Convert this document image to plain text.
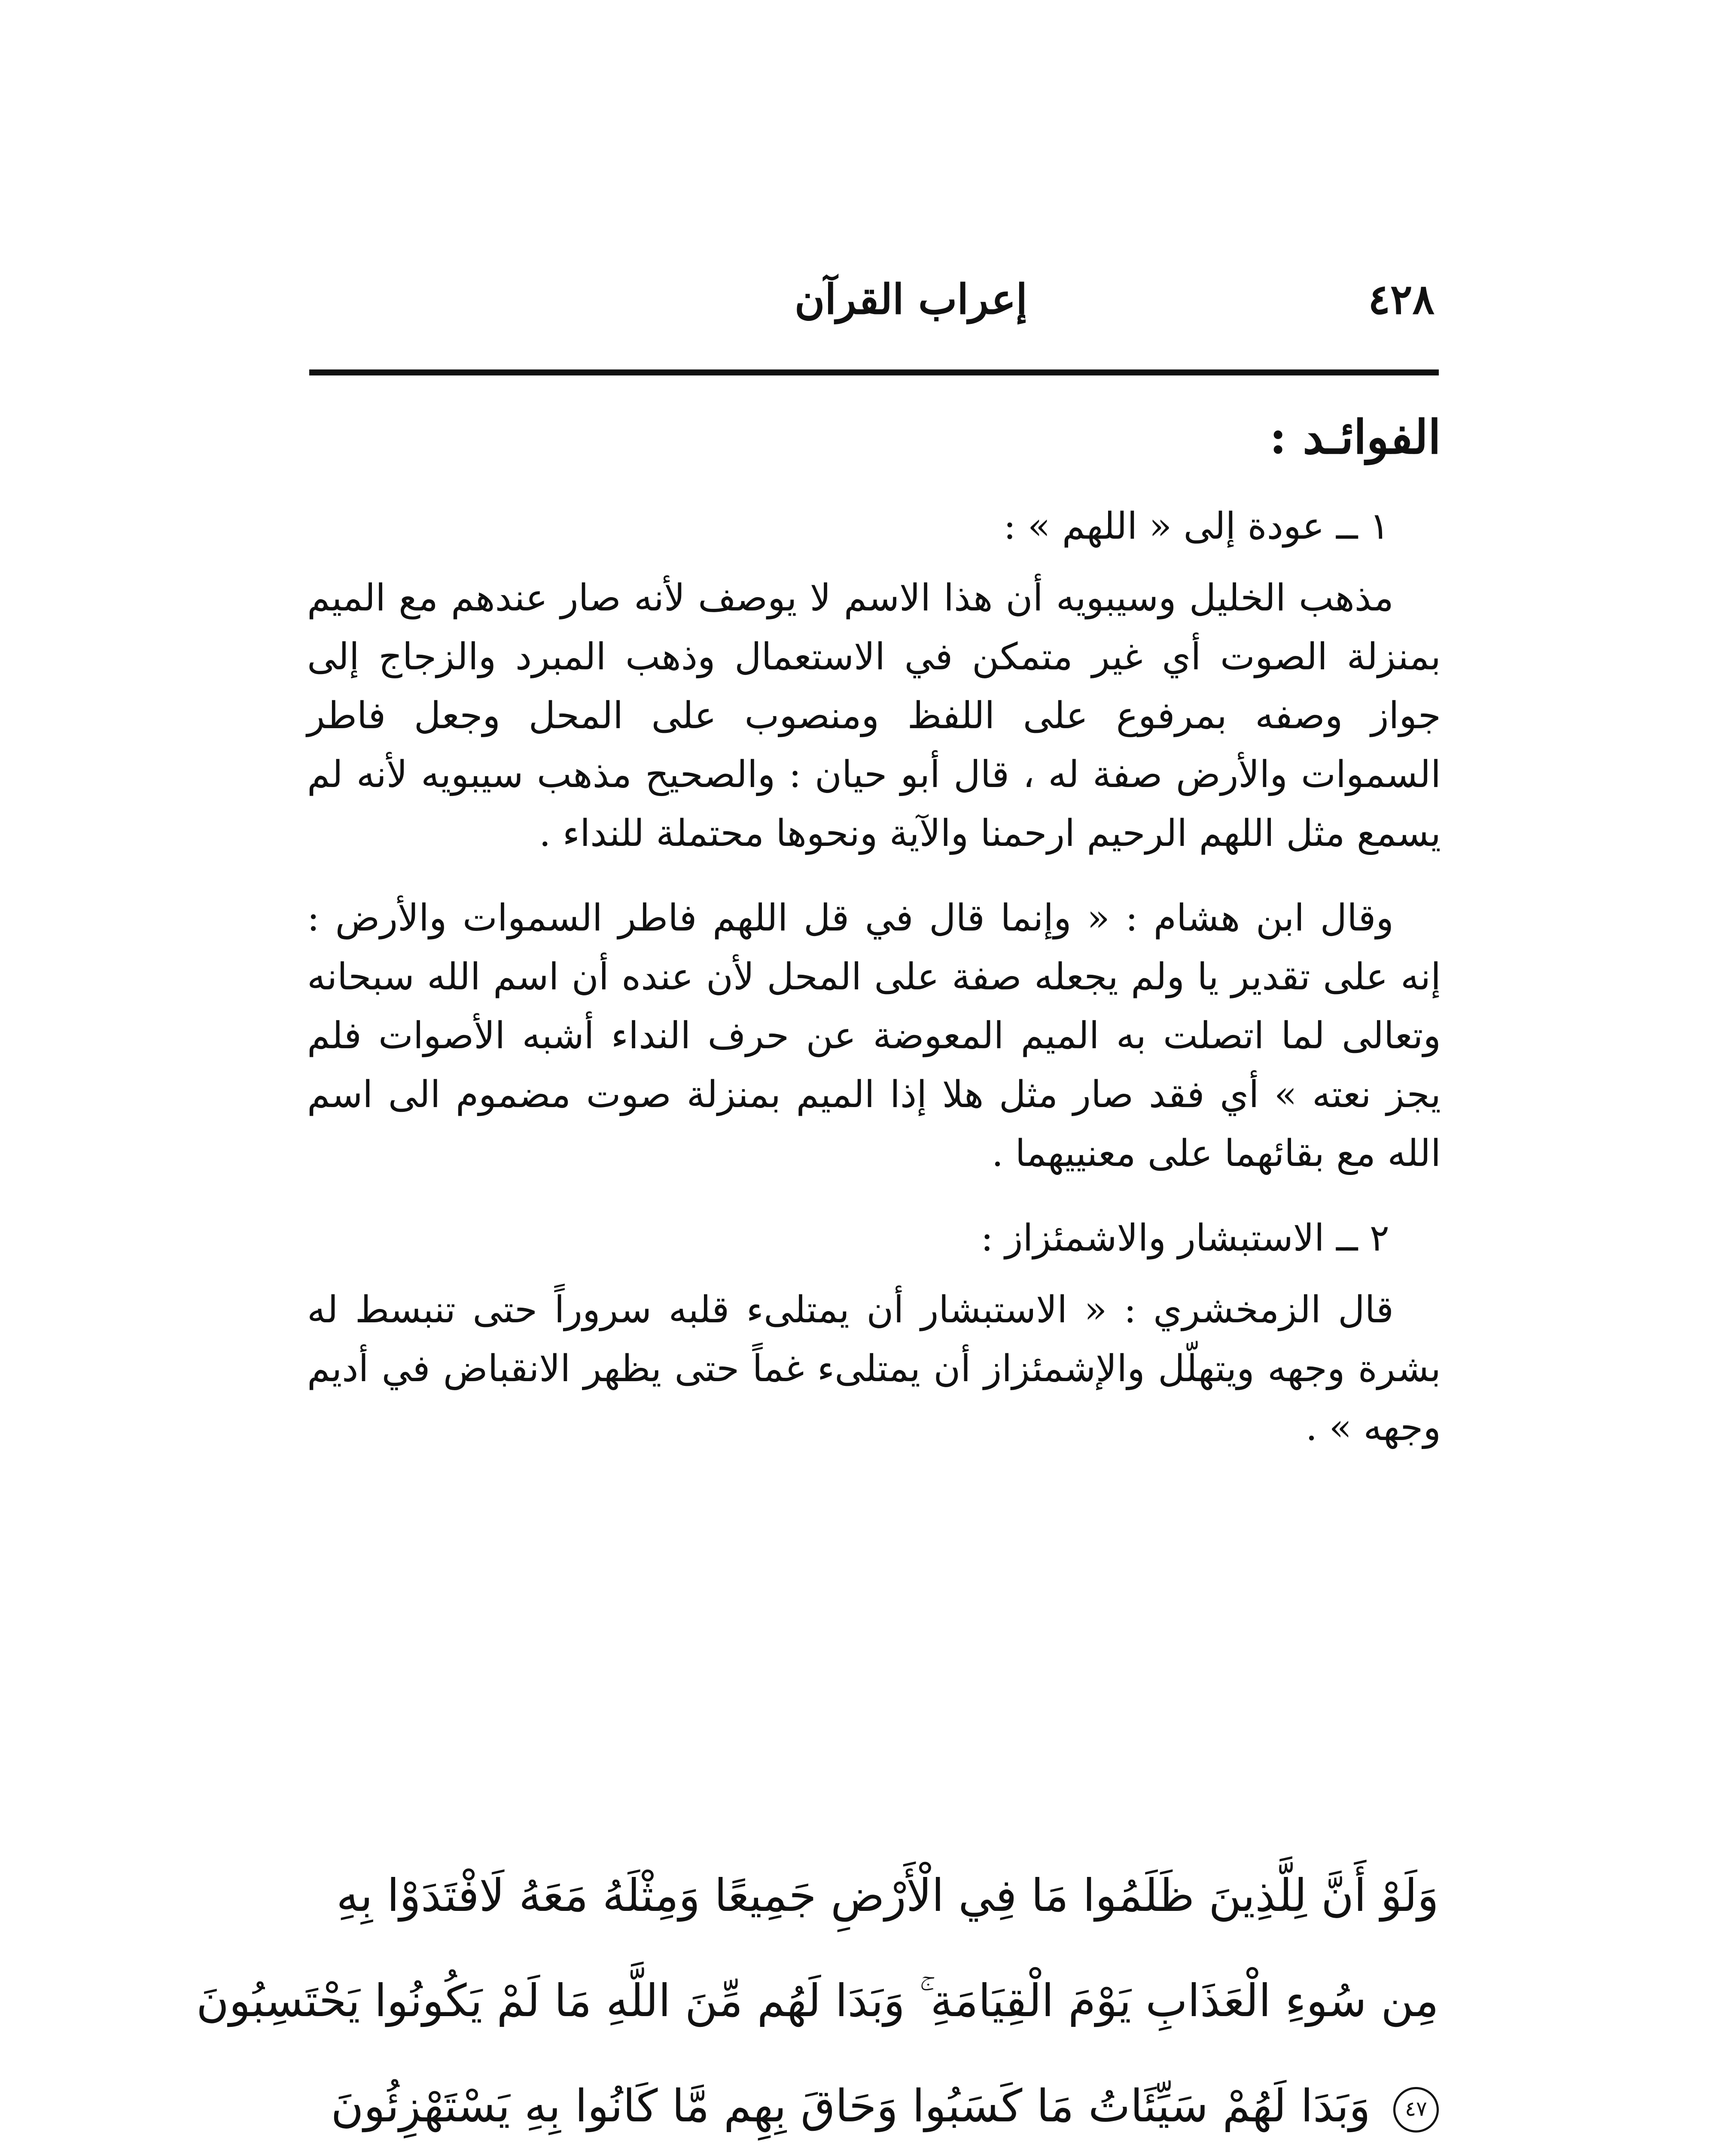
٤٢٨
إعراب القرآن
الفوائـد :
١ ــ عودة إلى « اللهم » :

مذهب الخليل وسيبويه أن هذا الاسم لا يوصف لأنه صار عندهم مع الميم بمنزلة الصوت أي غير متمكن في الاستعمال وذهب المبرد والزجاج إلى جواز وصفه بمرفوع على اللفظ ومنصوب على المحل وجعل فاطر السموات والأرض صفة له ، قال أبو حيان : والصحيح مذهب سيبويه لأنه لم يسمع مثل اللهم الرحيم ارحمنا والآية ونحوها محتملة للنداء .

وقال ابن هشام : « وإنما قال في قل اللهم فاطر السموات والأرض : إنه على تقدير يا ولم يجعله صفة على المحل لأن عنده أن اسم الله سبحانه وتعالى لما اتصلت به الميم المعوضة عن حرف النداء أشبه الأصوات فلم يجز نعته » أي فقد صار مثل هلا إذا الميم بمنزلة صوت مضموم الى اسم الله مع بقائهما على معنييهما .

٢ ــ الاستبشار والاشمئزاز :

قال الزمخشري : « الاستبشار أن يمتلىء قلبه سروراً حتى تنبسط له بشرة وجهه ويتهلّل والإشمئزاز أن يمتلىء غماً حتى يظهر الانقباض في أديم وجهه » .

وَلَوْ أَنَّ لِلَّذِينَ ظَلَمُوا مَا فِي الْأَرْضِ جَمِيعًا وَمِثْلَهُ مَعَهُ لَافْتَدَوْا بِهِ
مِن سُوءِ الْعَذَابِ يَوْمَ الْقِيَامَةِ ۚ وَبَدَا لَهُم مِّنَ اللَّهِ مَا لَمْ يَكُونُوا يَحْتَسِبُونَ
٤٧ وَبَدَا لَهُمْ سَيِّئَاتُ مَا كَسَبُوا وَحَاقَ بِهِم مَّا كَانُوا بِهِ يَسْتَهْزِئُونَ
